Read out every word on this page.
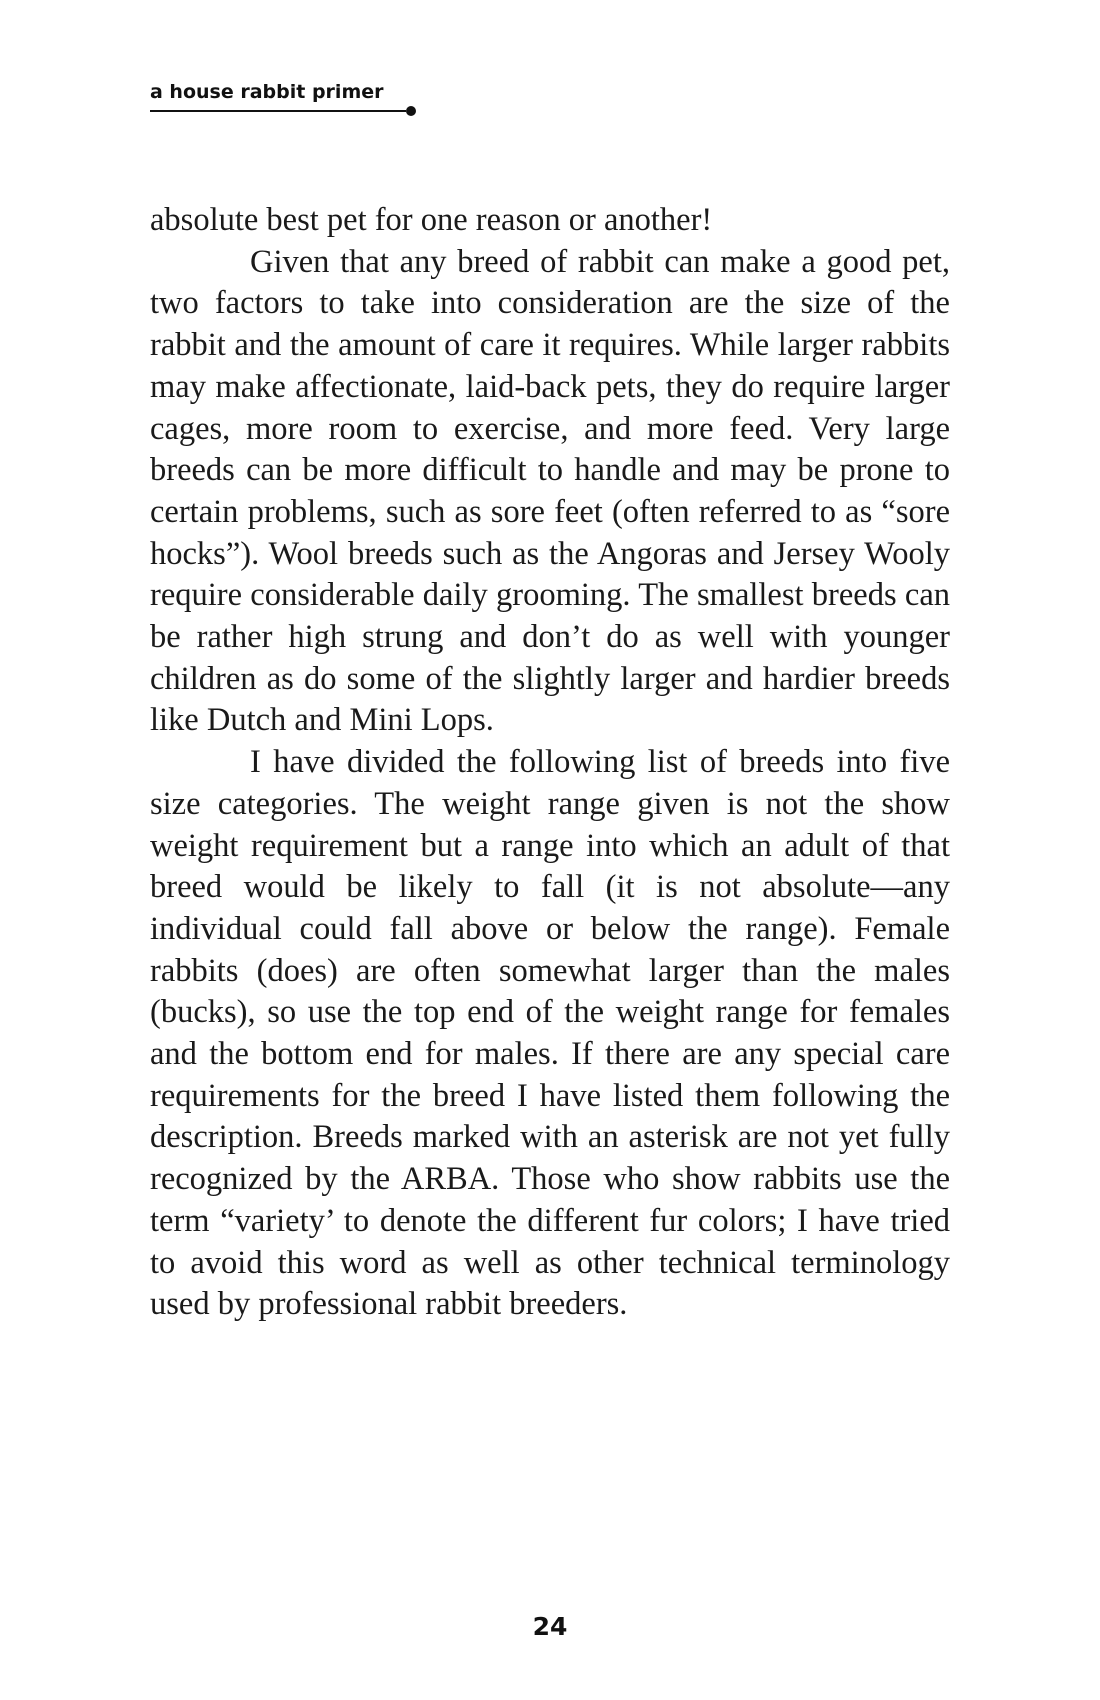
a house rabbit primer

absolute best pet for one reason or another!

Given that any breed of rabbit can make a good pet, two factors to take into consideration are the size of the rabbit and the amount of care it requires. While larger rabbits may make affectionate, laid-back pets, they do require larger cages, more room to exercise, and more feed. Very large breeds can be more difficult to handle and may be prone to certain problems, such as sore feet (often referred to as “sore hocks”). Wool breeds such as the Angoras and Jersey Wooly require considerable daily grooming. The smallest breeds can be rather high strung and don’t do as well with younger children as do some of the slightly larger and hardier breeds like Dutch and Mini Lops.

I have divided the following list of breeds into five size categories. The weight range given is not the show weight requirement but a range into which an adult of that breed would be likely to fall (it is not absolute—any individual could fall above or below the range). Female rabbits (does) are often somewhat larger than the males (bucks), so use the top end of the weight range for females and the bottom end for males. If there are any special care requirements for the breed I have listed them following the description. Breeds marked with an asterisk are not yet fully recognized by the ARBA. Those who show rabbits use the term “variety’ to denote the different fur colors; I have tried to avoid this word as well as other technical terminology used by professional rabbit breeders.

24
